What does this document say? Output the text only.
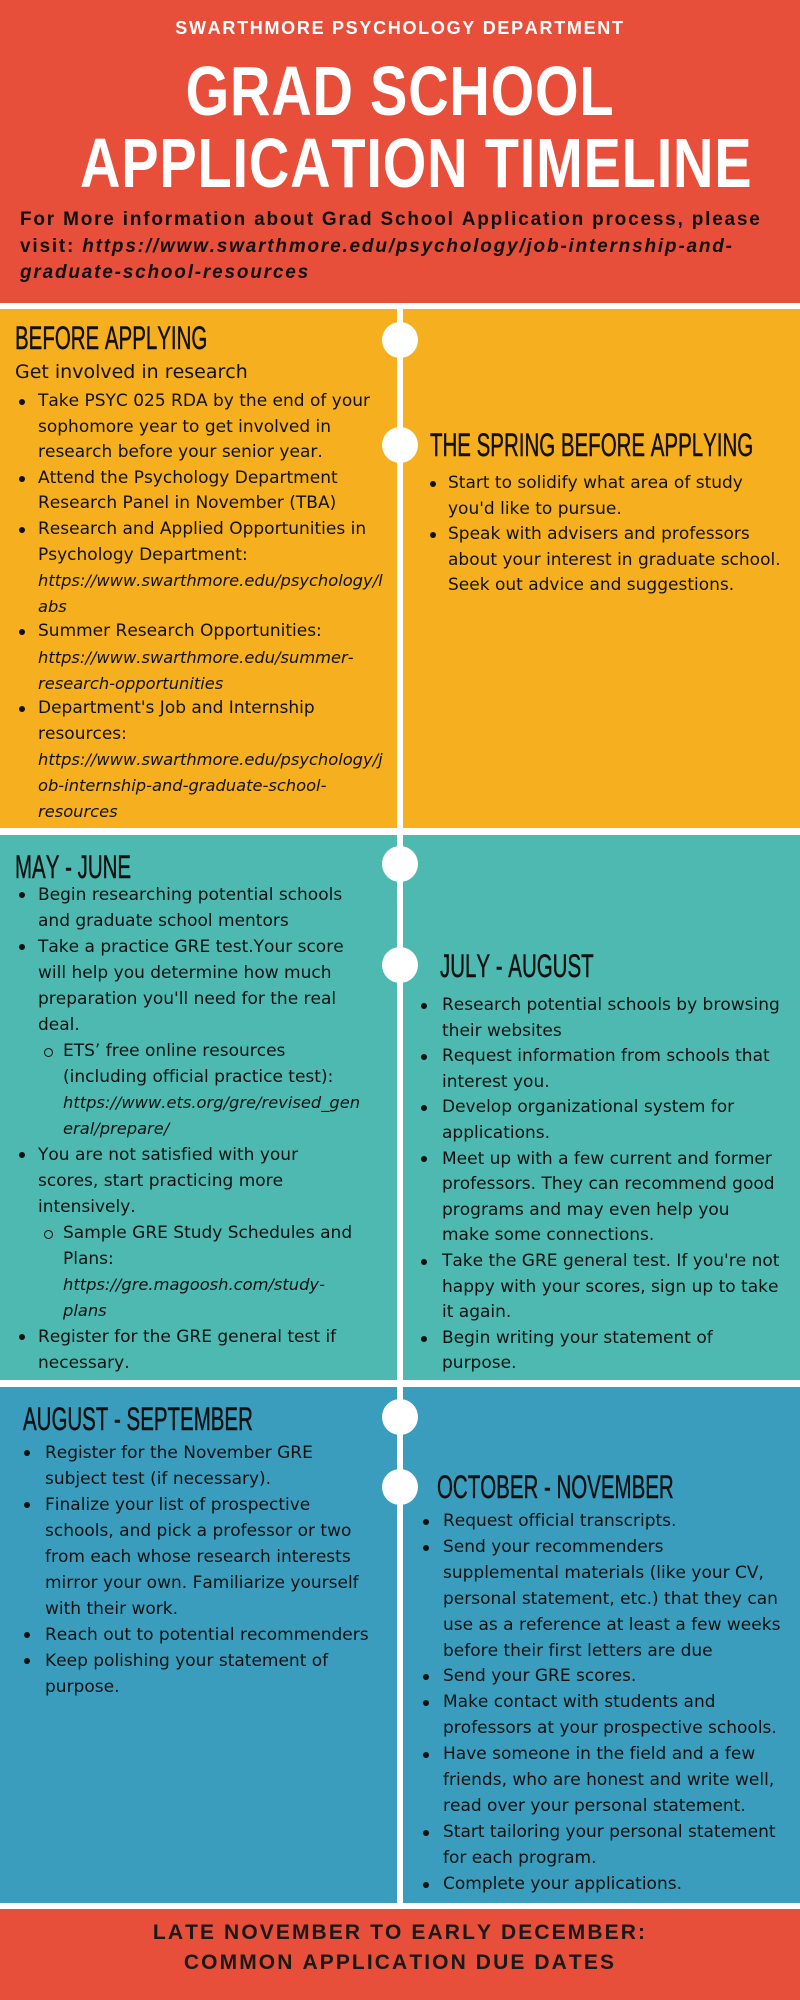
SWARTHMORE PSYCHOLOGY DEPARTMENT
GRAD SCHOOL
APPLICATION TIMELINE

For More information about Grad School Application process, please visit: https://www.swarthmore.edu/psychology/job-internship-and-graduate-school-resources

BEFORE APPLYING
Get involved in research
Take PSYC 025 RDA by the end of your sophomore year to get involved in research before your senior year.
Attend the Psychology Department Research Panel in November (TBA)
Research and Applied Opportunities in Psychology Department:
https://www.swarthmore.edu/psychology/labs
Summer Research Opportunities:
https://www.swarthmore.edu/summer-research-opportunities
Department's Job and Internship resources:
https://www.swarthmore.edu/psychology/job-internship-and-graduate-school-resources
THE SPRING BEFORE APPLYING
Start to solidify what area of study you'd like to pursue.
Speak with advisers and professors about your interest in graduate school. Seek out advice and suggestions.
MAY - JUNE
Begin researching potential schools and graduate school mentors
Take a practice GRE test.Your score will help you determine how much preparation you'll need for the real deal.
ETS’ free online resources (including official practice test):
https://www.ets.org/gre/revised_general/prepare/
You are not satisfied with your scores, start practicing more intensively.
Sample GRE Study Schedules and Plans:
https://gre.magoosh.com/study-plans
Register for the GRE general test if necessary.
JULY - AUGUST
Research potential schools by browsing their websites
Request information from schools that interest you.
Develop organizational system for applications.
Meet up with a few current and former professors. They can recommend good programs and may even help you make some connections.
Take the GRE general test. If you're not happy with your scores, sign up to take it again.
Begin writing your statement of purpose.
AUGUST - SEPTEMBER
Register for the November GRE subject test (if necessary).
Finalize your list of prospective schools, and pick a professor or two from each whose research interests mirror your own. Familiarize yourself with their work.
Reach out to potential recommenders
Keep polishing your statement of purpose.
OCTOBER - NOVEMBER
Request official transcripts.
Send your recommenders supplemental materials (like your CV, personal statement, etc.) that they can use as a reference at least a few weeks before their first letters are due
Send your GRE scores.
Make contact with students and professors at your prospective schools.
Have someone in the field and a few friends, who are honest and write well, read over your personal statement.
Start tailoring your personal statement for each program.
Complete your applications.
LATE NOVEMBER TO EARLY DECEMBER:
COMMON APPLICATION DUE DATES
